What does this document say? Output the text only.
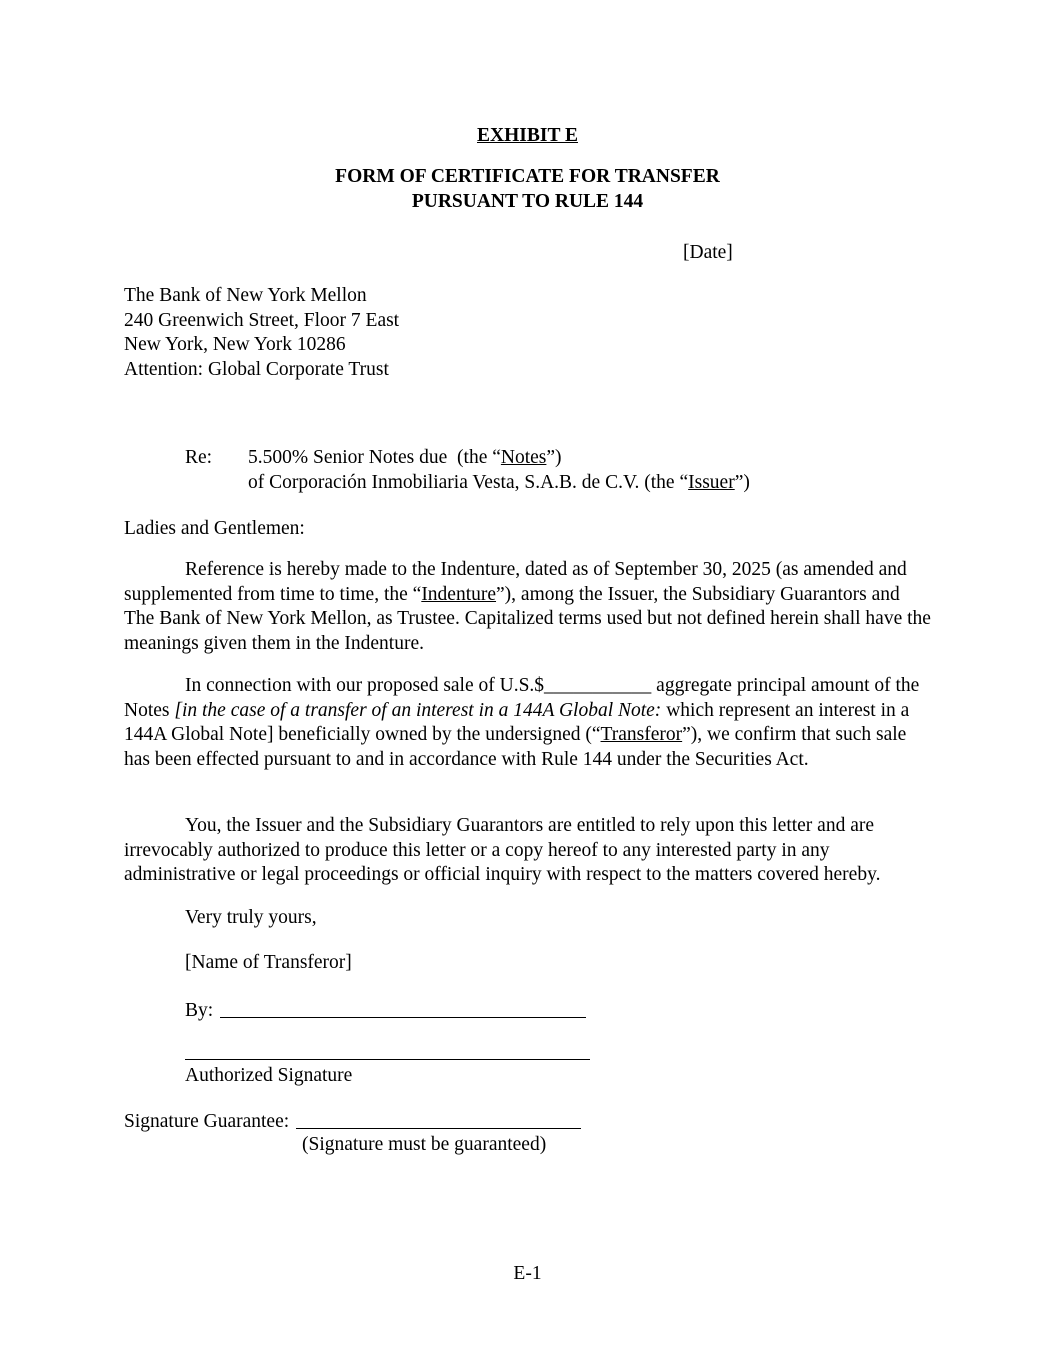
EXHIBIT E
FORM OF CERTIFICATE FOR TRANSFER
PURSUANT TO RULE 144
[Date]
The Bank of New York Mellon
240 Greenwich Street, Floor 7 East
New York, New York 10286
Attention: Global Corporate Trust
Re:	5.500% Senior Notes due  (the “Notes”)
of Corporación Inmobiliaria Vesta, S.A.B. de C.V. (the “Issuer”)
Ladies and Gentlemen:
Reference is hereby made to the Indenture, dated as of September 30, 2025 (as amended and supplemented from time to time, the “Indenture”), among the Issuer, the Subsidiary Guarantors and The Bank of New York Mellon, as Trustee. Capitalized terms used but not defined herein shall have the meanings given them in the Indenture.
In connection with our proposed sale of U.S.$___________ aggregate principal amount of the Notes [in the case of a transfer of an interest in a 144A Global Note: which represent an interest in a 144A Global Note] beneficially owned by the undersigned (“Transferor”), we confirm that such sale has been effected pursuant to and in accordance with Rule 144 under the Securities Act.
You, the Issuer and the Subsidiary Guarantors are entitled to rely upon this letter and are irrevocably authorized to produce this letter or a copy hereof to any interested party in any administrative or legal proceedings or official inquiry with respect to the matters covered hereby.
Very truly yours,
[Name of Transferor]
By:
Authorized Signature
Signature Guarantee:
(Signature must be guaranteed)
E-1
